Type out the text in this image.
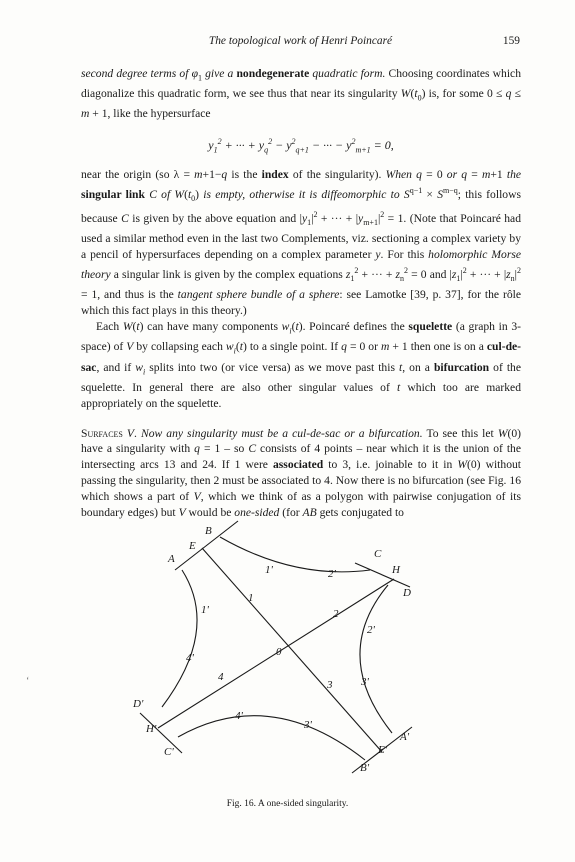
The topological work of Henri Poincaré	159

second degree terms of $\varphi_1$ give a nondegenerate quadratic form. Choosing coordinates which diagonalize this quadratic form, we see thus that near its singularity $W(t_0)$ is, for some 0 ≤ q ≤ m + 1, like the hypersurface

$y_1^2$ + ··· + $y_q^2 - y^2_{q+1}$ − ··· − $y^2_{m+1} = 0$,

near the origin (so λ = m+1−q is the index of the singularity). When q = 0 or q = m+1 the singular link C of $W(t_0)$ is empty, otherwise it is diffeomorphic to $S^{q-1} \times S^{m-q}$; this follows because C is given by the above equation and $|y_1|^2$ + ··· + $|y_{m+1}|^2 = 1$. (Note that Poincaré had used a similar method even in the last two Complements, viz. sectioning a complex variety by a pencil of hypersurfaces depending on a complex parameter y. For this holomorphic Morse theory a singular link is given by the complex equations $z_1^2$ + ··· + $z_n^2 = 0$ and $|z_1|^2$ + ··· + $|z_n|^2 = 1$, and thus is the tangent sphere bundle of a sphere: see Lamotke [39, p. 37], for the rôle which this fact plays in this theory.)

Each W(t) can have many components $w_i(t)$. Poincaré defines the squelette (a graph in 3-space) of V by collapsing each $w_i(t)$ to a single point. If q = 0 or m + 1 then one is on a cul-de-sac, and if $w_i$ splits into two (or vice versa) as we move past this t, on a bifurcation of the squelette. In general there are also other singular values of t which too are marked appropriately on the squelette.

Surfaces V. Now any singularity must be a cul-de-sac or a bifurcation. To see this let W(0) have a singularity with q = 1 – so C consists of 4 points – near which it is the union of the intersecting arcs 13 and 24. If 1 were associated to 3, i.e. joinable to it in W(0) without passing the singularity, then 2 must be associated to 4. Now there is no bifurcation (see Fig. 16 which shows a part of V, which we think of as a polygon with pairwise conjugation of its boundary edges) but V would be one-sided (for AB gets conjugated to

A
B
E
C
H
D
D'
H'
C'
A'
E'
B'
0
1
2
3
4
1'	2'
1'
2'
3'
4'
4'
3'
Fig. 16. A one-sided singularity.
ʻ
